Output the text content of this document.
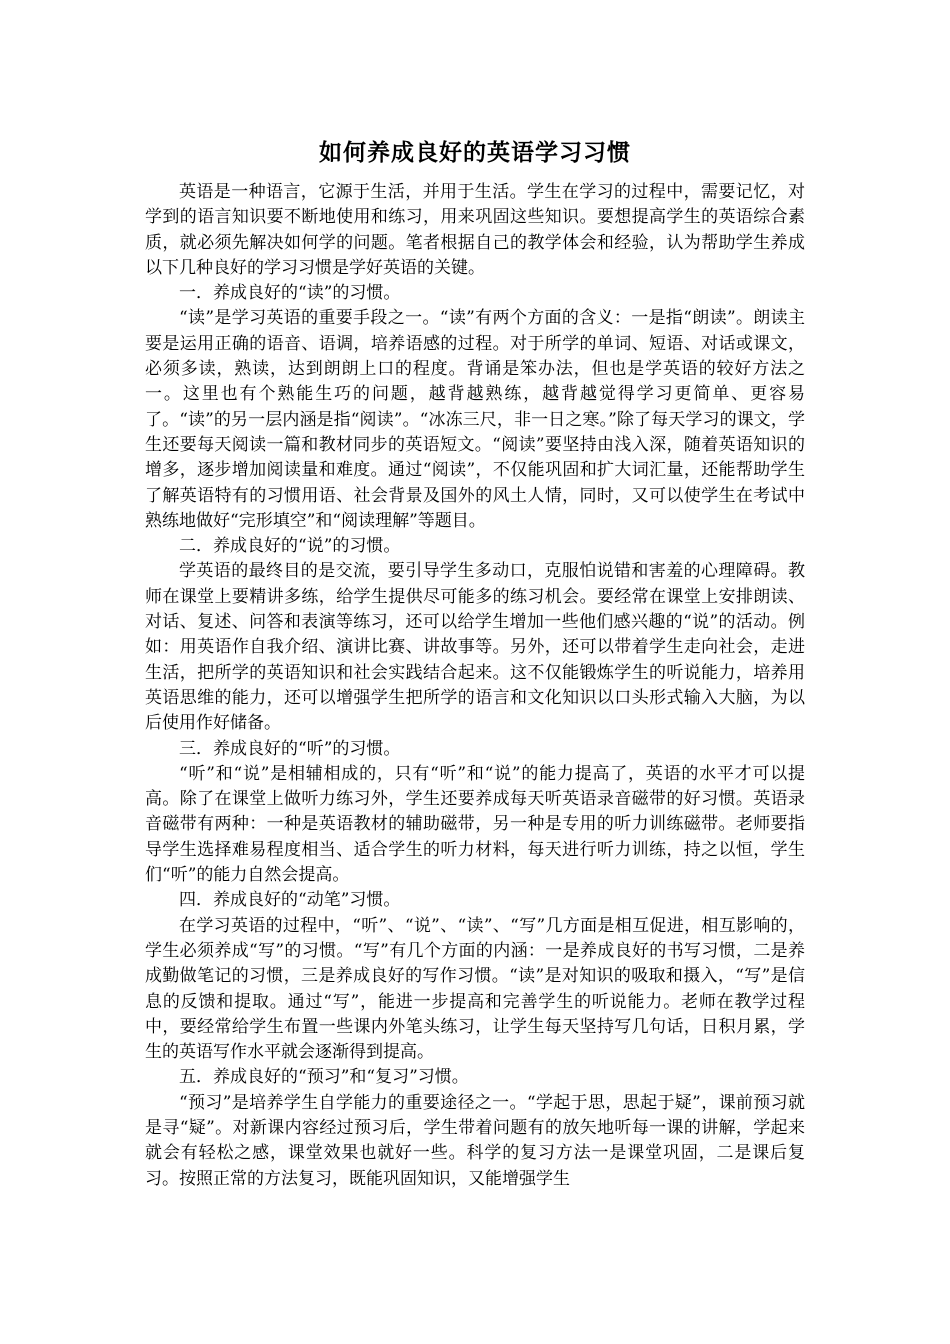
如何养成良好的英语学习习惯

英语是一种语言，它源于生活，并用于生活。学生在学习的过程中，需要记忆，对学到的语言知识要不断地使用和练习，用来巩固这些知识。要想提高学生的英语综合素质，就必须先解决如何学的问题。笔者根据自己的教学体会和经验，认为帮助学生养成以下几种良好的学习习惯是学好英语的关键。

一．养成良好的“读”的习惯。

“读”是学习英语的重要手段之一。“读”有两个方面的含义：一是指“朗读”。朗读主要是运用正确的语音、语调，培养语感的过程。对于所学的单词、短语、对话或课文，必须多读，熟读，达到朗朗上口的程度。背诵是笨办法，但也是学英语的较好方法之一。这里也有个熟能生巧的问题，越背越熟练，越背越觉得学习更简单、更容易了。“读”的另一层内涵是指“阅读”。“冰冻三尺，非一日之寒。”除了每天学习的课文，学生还要每天阅读一篇和教材同步的英语短文。“阅读”要坚持由浅入深，随着英语知识的增多，逐步增加阅读量和难度。通过“阅读”，不仅能巩固和扩大词汇量，还能帮助学生了解英语特有的习惯用语、社会背景及国外的风土人情，同时，又可以使学生在考试中熟练地做好“完形填空”和“阅读理解”等题目。

二．养成良好的“说”的习惯。

学英语的最终目的是交流，要引导学生多动口，克服怕说错和害羞的心理障碍。教师在课堂上要精讲多练，给学生提供尽可能多的练习机会。要经常在课堂上安排朗读、对话、复述、问答和表演等练习，还可以给学生增加一些他们感兴趣的“说”的活动。例如：用英语作自我介绍、演讲比赛、讲故事等。另外，还可以带着学生走向社会，走进生活，把所学的英语知识和社会实践结合起来。这不仅能锻炼学生的听说能力，培养用英语思维的能力，还可以增强学生把所学的语言和文化知识以口头形式输入大脑，为以后使用作好储备。

三．养成良好的“听”的习惯。

“听”和“说”是相辅相成的，只有“听”和“说”的能力提高了，英语的水平才可以提高。除了在课堂上做听力练习外，学生还要养成每天听英语录音磁带的好习惯。英语录音磁带有两种：一种是英语教材的辅助磁带，另一种是专用的听力训练磁带。老师要指导学生选择难易程度相当、适合学生的听力材料，每天进行听力训练，持之以恒，学生们“听”的能力自然会提高。

四．养成良好的“动笔”习惯。

在学习英语的过程中，“听”、“说”、“读”、“写”几方面是相互促进，相互影响的，学生必须养成“写”的习惯。“写”有几个方面的内涵：一是养成良好的书写习惯，二是养成勤做笔记的习惯，三是养成良好的写作习惯。“读”是对知识的吸取和摄入，“写”是信息的反馈和提取。通过“写”，能进一步提高和完善学生的听说能力。老师在教学过程中，要经常给学生布置一些课内外笔头练习，让学生每天坚持写几句话，日积月累，学生的英语写作水平就会逐渐得到提高。

五．养成良好的“预习”和“复习”习惯。

“预习”是培养学生自学能力的重要途径之一。“学起于思，思起于疑”，课前预习就是寻“疑”。对新课内容经过预习后，学生带着问题有的放矢地听每一课的讲解，学起来就会有轻松之感，课堂效果也就好一些。科学的复习方法一是课堂巩固，二是课后复习。按照正常的方法复习，既能巩固知识，又能增强学生
